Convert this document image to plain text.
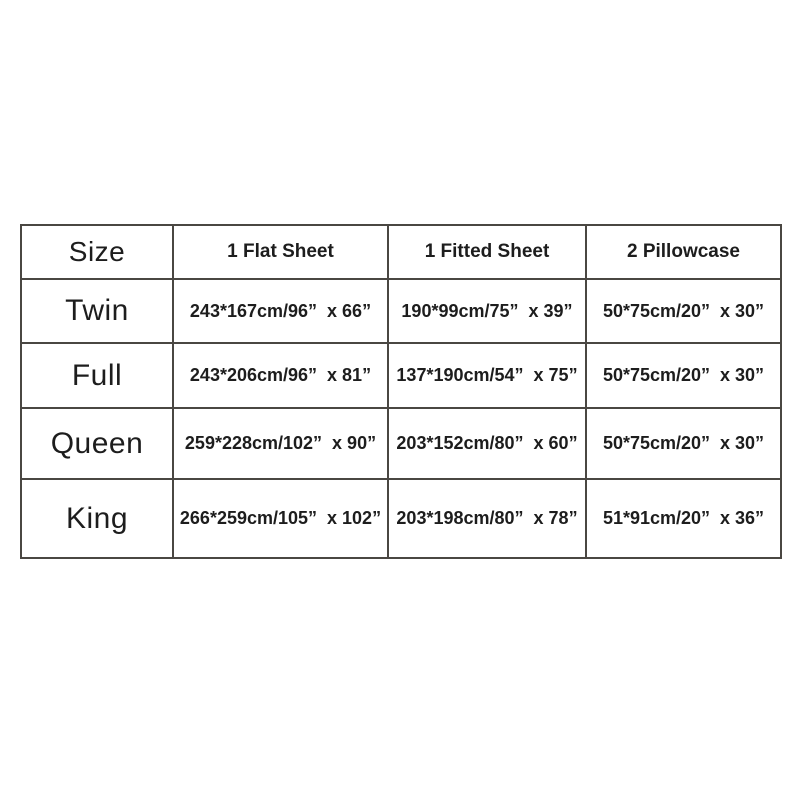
Size	1 Flat Sheet	1 Fitted Sheet	2 Pillowcase
Twin	243*167cm/96”  x 66”	190*99cm/75”  x 39”	50*75cm/20”  x 30”
Full	243*206cm/96”  x 81”	137*190cm/54”  x 75”	50*75cm/20”  x 30”
Queen	259*228cm/102”  x 90”	203*152cm/80”  x 60”	50*75cm/20”  x 30”
King	266*259cm/105”  x 102”	203*198cm/80”  x 78”	51*91cm/20”  x 36”
